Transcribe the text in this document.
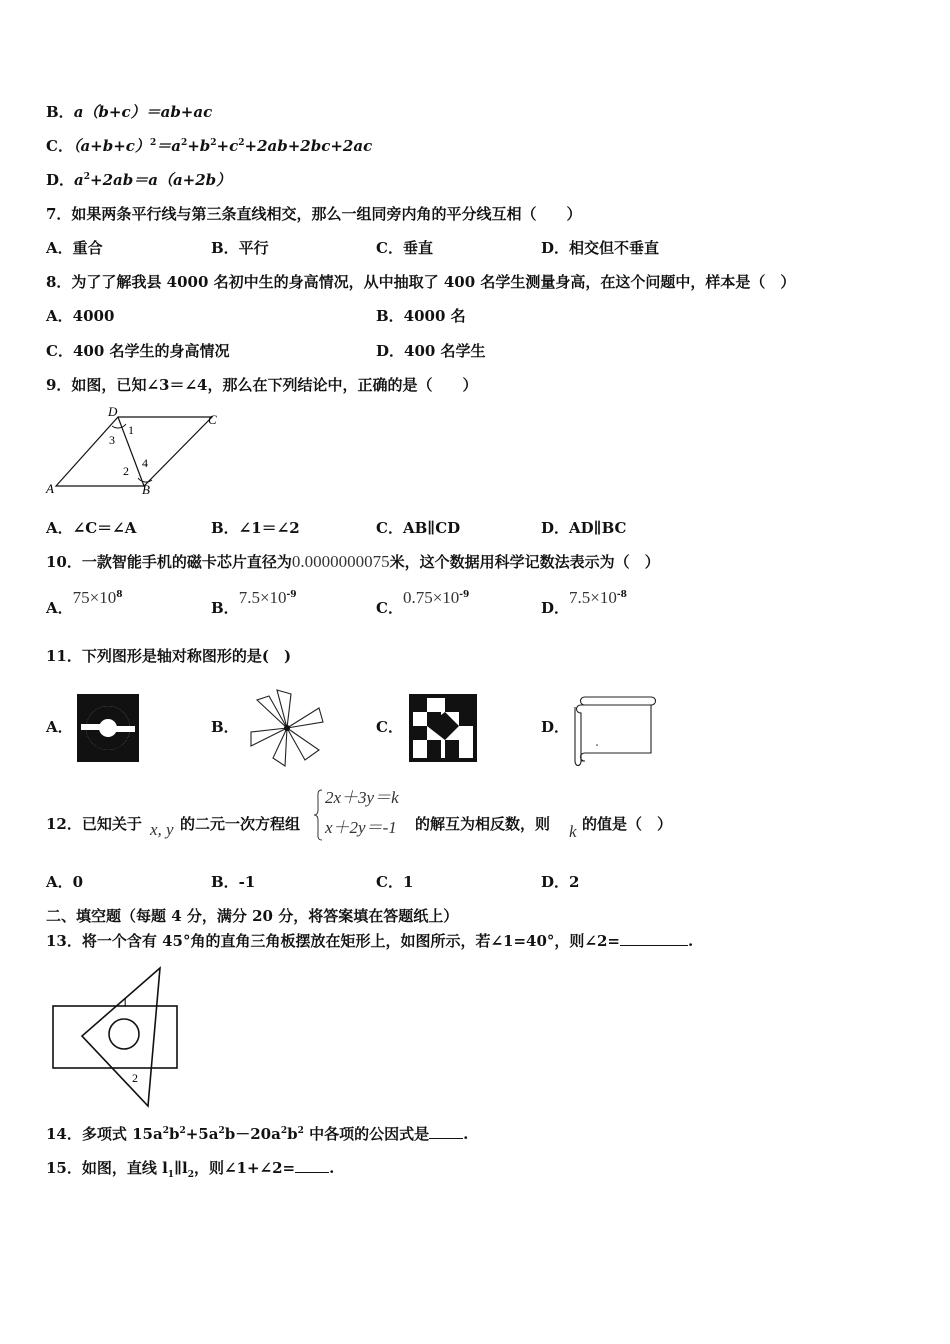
B．a（b+c）＝ab+ac
C．$(a+b+c)^2=a^2+b^2+c^2+2ab+2bc+2ac$
D．$a^2+2ab=a(a+2b)$
7．如果两条平行线与第三条直线相交，那么一组同旁内角的平分线互相（　　）
A．重合	B．平行	C．垂直	D．相交但不垂直
8．为了了解我县 4000 名初中生的身高情况，从中抽取了 400 名学生测量身高，在这个问题中，样本是（　）
A．4000	B．4000 名
C．400 名学生的身高情况	D．400 名学生
9．如图，已知∠3＝∠4，那么在下列结论中，正确的是（　　）
D
C
A	B
1
2
3
4
A．∠C＝∠A	B．∠1＝∠2	C．AB∥CD	D．AD∥BC
10．一款智能手机的磁卡芯片直径为0.0000000075米，这个数据用科学记数法表示为（　）
A．$75\times 10^8$
B．$7.5\times 10^{-9}$
C．$0.75\times 10^{-9}$
D．$7.5\times 10^{-8}$
11．下列图形是轴对称图形的是(　)
A．	B．	C．	D．
12．已知关于 x, y 的二元一次方程组
2x＋3y＝k
x＋2y＝-1 的解互为相反数，则 k 的值是（　）
A．0	B．-1	C．1	D．2
二、填空题（每题 4 分，满分 20 分，将答案填在答题纸上）
13．将一个含有 45°角的直角三角板摆放在矩形上，如图所示，若∠1=40°，则∠2=	.
1
2
14．多项式 $15a^2b^2+5a^2b-20a^2b^2$ 中各项的公因式是 .
15．如图，直线 $l_1\parallel l_2$，则∠1+∠2= .
